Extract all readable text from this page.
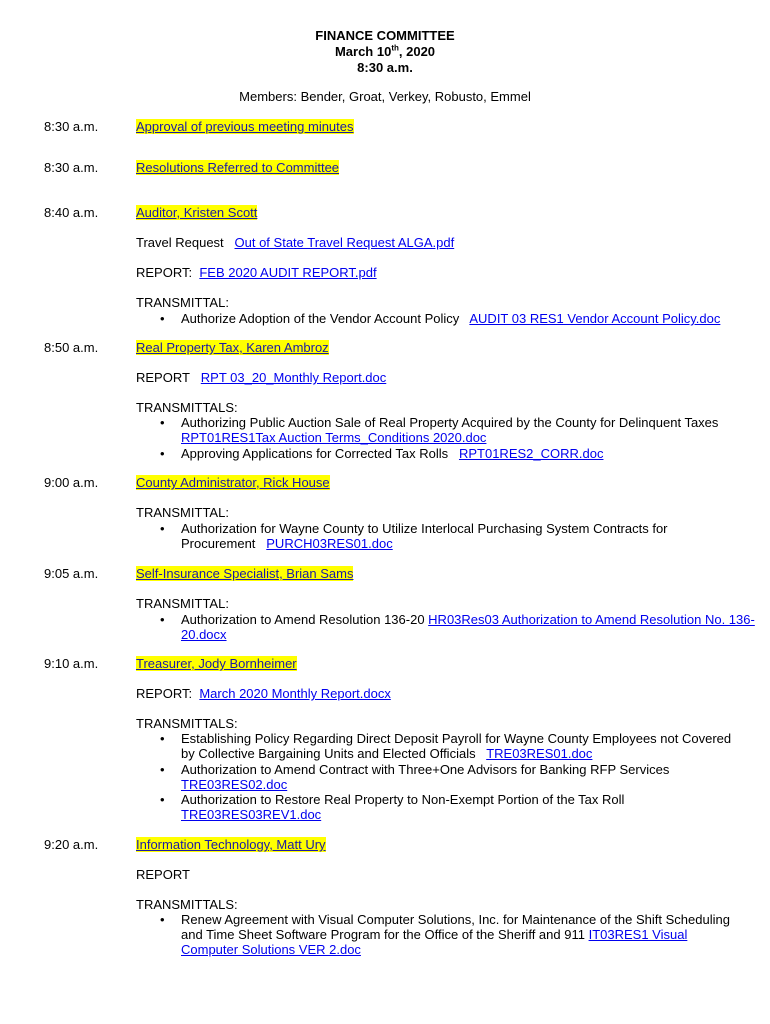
FINANCE COMMITTEE
March 10th, 2020
8:30 a.m.
Members: Bender, Groat, Verkey, Robusto, Emmel
8:30 a.m.	Approval of previous meeting minutes
8:30 a.m.	Resolutions Referred to Committee
8:40 a.m.	Auditor, Kristen Scott
Travel Request Out of State Travel Request ALGA.pdf
REPORT: FEB 2020 AUDIT REPORT.pdf
TRANSMITTAL:
• Authorize Adoption of the Vendor Account Policy AUDIT 03 RES1 Vendor Account Policy.doc
8:50 a.m.	Real Property Tax, Karen Ambroz
REPORT RPT 03_20_Monthly Report.doc
TRANSMITTALS:
• Authorizing Public Auction Sale of Real Property Acquired by the County for Delinquent Taxes
RPT01RES1Tax Auction Terms_Conditions 2020.doc
• Approving Applications for Corrected Tax Rolls RPT01RES2_CORR.doc
9:00 a.m.	County Administrator, Rick House
TRANSMITTAL:
• Authorization for Wayne County to Utilize Interlocal Purchasing System Contracts for
Procurement PURCH03RES01.doc
9:05 a.m.	Self-Insurance Specialist, Brian Sams
TRANSMITTAL:
• Authorization to Amend Resolution 136-20 HR03Res03 Authorization to Amend Resolution No. 136-
20.docx
9:10 a.m.	Treasurer, Jody Bornheimer
REPORT: March 2020 Monthly Report.docx
TRANSMITTALS:
• Establishing Policy Regarding Direct Deposit Payroll for Wayne County Employees not Covered
by Collective Bargaining Units and Elected Officials TRE03RES01.doc
• Authorization to Amend Contract with Three+One Advisors for Banking RFP Services
TRE03RES02.doc
• Authorization to Restore Real Property to Non-Exempt Portion of the Tax Roll
TRE03RES03REV1.doc
9:20 a.m.	Information Technology, Matt Ury
REPORT
TRANSMITTALS:
• Renew Agreement with Visual Computer Solutions, Inc. for Maintenance of the Shift Scheduling
and Time Sheet Software Program for the Office of the Sheriff and 911 IT03RES1 Visual
Computer Solutions VER 2.doc
